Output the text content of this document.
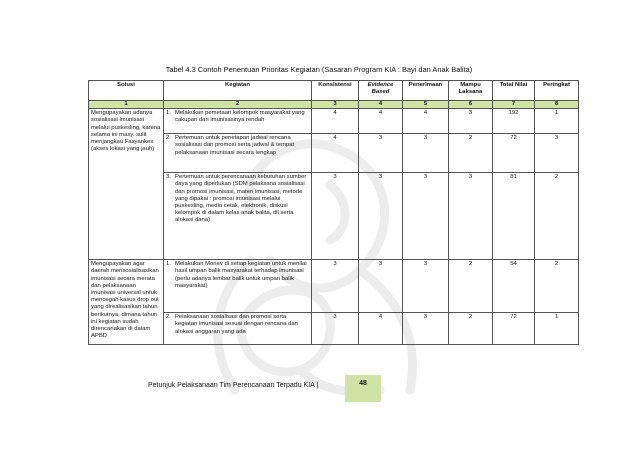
Tabel 4.3 Contoh Penentuan Prioritas Kegiatan (Sasaran Program KIA : Bayi dan Anak Balita)
Solusi	Kegiatan	Konsistensi	Evidence Based	Penerimaan	Mampu Laksana	Total Nilai	Peringkat
1	2	3	4	5	6	7	8
Mengupayakan adanya sosialisasi imunisasi melalui puskesling, karena selama ini masy. sulit menjangkau Fasyankes (akses lokasi yang jauh)	1. Melakukan pemetaan kelompok masyarakat yang cakupan dari imunisasinya rendah	4	4	4	3	192	1

	2. Pertemuan untuk penetapan jadwal rencana sosialisasi dan promosi serta jadwal & tempat pelaksanaan imunisasi secara lengkap	4	3	3	2	72	3

	3. Pertemuan untuk perencanaan kebutuhan sumber daya yang diperlukan (SDM pelaksana sosialisasi dan promosi imunisasi, materi imunisasi, metode yang dipakai : promosi imunisasi melalui puskesling, media cetak, elektronik, diskusi kelompok di dalam kelas anak balita, dll serta alokasi dana)	3	3	3	3	81	2
Mengupayakan agar daerah mensosialisasikan imunisasi secara merata dan pelaksanaan imunisasi universal untuk mencegah kasus drop out yang direalisasikan tahun berikutnya, dimana tahun ini kegiatan sudah direncanakan di dalam APBD	1. Melakukan Monev di setiap kegiatan untuk menilai hasil umpan balik masyarakat terhadap imunisasi (perlu adanya lembar balik untuk umpan balik masyarakat)	3	3	3	2	54	2

	2. Pelaksanaan sosialisasi dan promosi serta kegiatan imunisasi sesuai dengan rencana dan alokasi anggaran yang ada	3	4	3	2	72	1
Petunjuk Pelaksanaan Tim Perencanaan Terpadu KIA |	48
